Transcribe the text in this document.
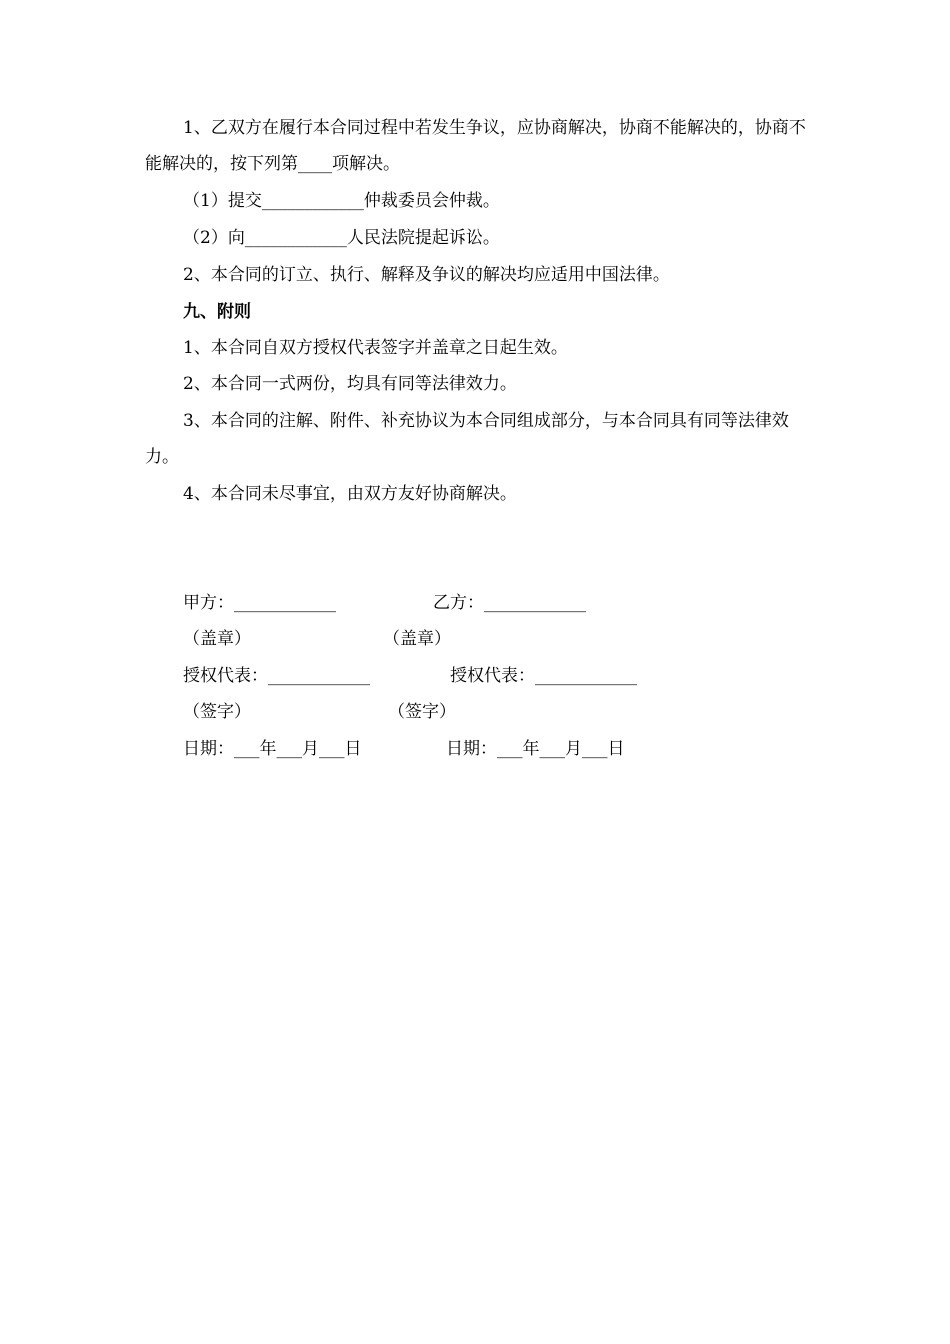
1、乙双方在履行本合同过程中若发生争议，应协商解决，协商不能解决的，协商不能解决的，按下列第____项解决。
（1）提交____________仲裁委员会仲裁。
（2）向____________人民法院提起诉讼。
2、本合同的订立、执行、解释及争议的解决均应适用中国法律。
九、附则
1、本合同自双方授权代表签字并盖章之日起生效。
2、本合同一式两份，均具有同等法律效力。
3、本合同的注解、附件、补充协议为本合同组成部分，与本合同具有同等法律效力。
4、本合同未尽事宜，由双方友好协商解决。
甲方：____________	乙方：____________
（盖章）	（盖章）
授权代表：____________	授权代表：____________
（签字）	（签字）
日期：___年___月___日	日期：___年___月___日
